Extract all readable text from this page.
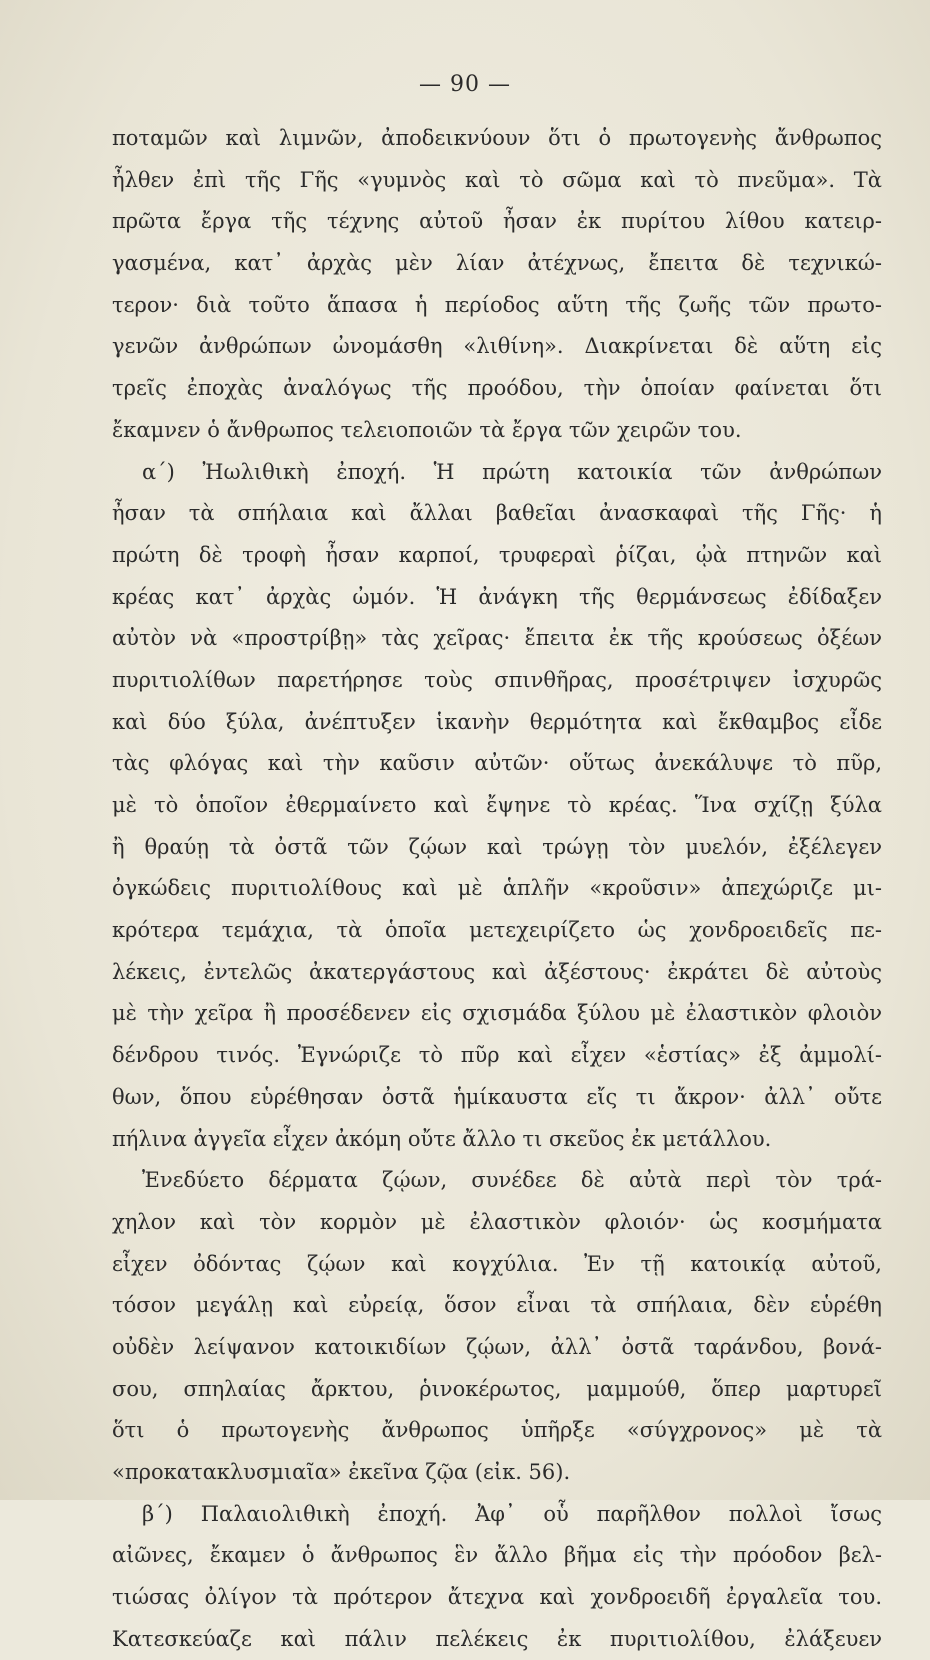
— 90 —
ποταμῶν καὶ λιμνῶν, ἀποδεικνύουν ὅτι ὁ πρωτογενὴς ἄνθρωπος
ἦλθεν ἐπὶ τῆς Γῆς «γυμνὸς καὶ τὸ σῶμα καὶ τὸ πνεῦμα». Τὰ
πρῶτα ἔργα τῆς τέχνης αὐτοῦ ἦσαν ἐκ πυρίτου λίθου κατειρ-
γασμένα, κατ᾽ ἀρχὰς μὲν λίαν ἀτέχνως, ἔπειτα δὲ τεχνικώ-
τερον· διὰ τοῦτο ἅπασα ἡ περίοδος αὕτη τῆς ζωῆς τῶν πρωτο-
γενῶν ἀνθρώπων ὠνομάσθη «λιθίνη». Διακρίνεται δὲ αὕτη εἰς
τρεῖς ἐποχὰς ἀναλόγως τῆς προόδου, τὴν ὁποίαν φαίνεται ὅτι
ἔκαμνεν ὁ ἄνθρωπος τελειοποιῶν τὰ ἔργα τῶν χειρῶν του.
α´) Ἠωλιθικὴ ἐποχή. Ἡ πρώτη κατοικία τῶν ἀνθρώπων
ἦσαν τὰ σπήλαια καὶ ἄλλαι βαθεῖαι ἀνασκαφαὶ τῆς Γῆς· ἡ
πρώτη δὲ τροφὴ ἦσαν καρποί, τρυφεραὶ ῥίζαι, ᾠὰ πτηνῶν καὶ
κρέας κατ᾽ ἀρχὰς ὠμόν. Ἡ ἀνάγκη τῆς θερμάνσεως ἐδίδαξεν
αὐτὸν νὰ «προστρίβῃ» τὰς χεῖρας· ἔπειτα ἐκ τῆς κρούσεως ὀξέων
πυριτιολίθων παρετήρησε τοὺς σπινθῆρας, προσέτριψεν ἰσχυρῶς
καὶ δύο ξύλα, ἀνέπτυξεν ἱκανὴν θερμότητα καὶ ἔκθαμβος εἶδε
τὰς φλόγας καὶ τὴν καῦσιν αὐτῶν· οὕτως ἀνεκάλυψε τὸ πῦρ,
μὲ τὸ ὁποῖον ἐθερμαίνετο καὶ ἔψηνε τὸ κρέας. Ἵνα σχίζῃ ξύλα
ἢ θραύῃ τὰ ὀστᾶ τῶν ζῴων καὶ τρώγῃ τὸν μυελόν, ἐξέλεγεν
ὀγκώδεις πυριτιολίθους καὶ μὲ ἁπλῆν «κροῦσιν» ἀπεχώριζε μι-
κρότερα τεμάχια, τὰ ὁποῖα μετεχειρίζετο ὡς χονδροειδεῖς πε-
λέκεις, ἐντελῶς ἀκατεργάστους καὶ ἀξέστους· ἐκράτει δὲ αὐτοὺς
μὲ τὴν χεῖρα ἢ προσέδενεν εἰς σχισμάδα ξύλου μὲ ἐλαστικὸν φλοιὸν
δένδρου τινός. Ἐγνώριζε τὸ πῦρ καὶ εἶχεν «ἑστίας» ἐξ ἀμμολί-
θων, ὅπου εὑρέθησαν ὀστᾶ ἡμίκαυστα εἴς τι ἄκρον· ἀλλ᾽ οὔτε
πήλινα ἀγγεῖα εἶχεν ἀκόμη οὔτε ἄλλο τι σκεῦος ἐκ μετάλλου.
Ἐνεδύετο δέρματα ζῴων, συνέδεε δὲ αὐτὰ περὶ τὸν τρά-
χηλον καὶ τὸν κορμὸν μὲ ἐλαστικὸν φλοιόν· ὡς κοσμήματα
εἶχεν ὀδόντας ζῴων καὶ κογχύλια. Ἐν τῇ κατοικίᾳ αὐτοῦ,
τόσον μεγάλῃ καὶ εὐρείᾳ, ὅσον εἶναι τὰ σπήλαια, δὲν εὑρέθη
οὐδὲν λείψανον κατοικιδίων ζῴων, ἀλλ᾽ ὀστᾶ ταράνδου, βονά-
σου, σπηλαίας ἄρκτου, ῥινοκέρωτος, μαμμούθ, ὅπερ μαρτυρεῖ
ὅτι ὁ πρωτογενὴς ἄνθρωπος ὑπῆρξε «σύγχρονος» μὲ τὰ
«προκατακλυσμιαῖα» ἐκεῖνα ζῷα (εἰκ. 56).
β´) Παλαιολιθικὴ ἐποχή. Ἀφ᾽ οὗ παρῆλθον πολλοὶ ἴσως
αἰῶνες, ἔκαμεν ὁ ἄνθρωπος ἓν ἄλλο βῆμα εἰς τὴν πρόοδον βελ-
τιώσας ὀλίγον τὰ πρότερον ἄτεχνα καὶ χονδροειδῆ ἐργαλεῖα του.
Κατεσκεύαζε καὶ πάλιν πελέκεις ἐκ πυριτιολίθου, ἐλάξευεν
